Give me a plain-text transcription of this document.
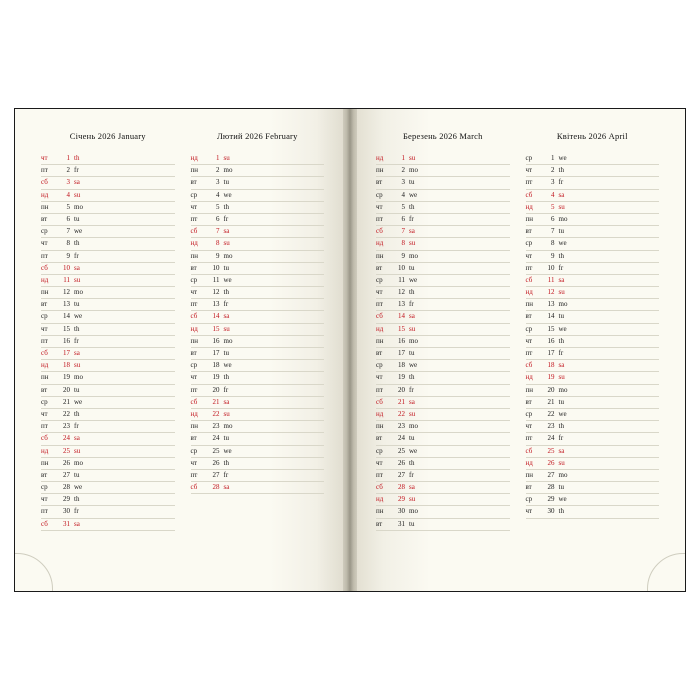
Січень 2026 January
чт	1 th
пт	2 fr
сб	3 sa
нд	4 su
пн	5 mo
вт	6 tu
ср	7 we
чт	8 th
пт	9 fr
сб	10 sa
нд	11 su
пн	12 mo
вт	13 tu
ср	14 we
чт	15 th
пт	16 fr
сб	17 sa
нд	18 su
пн	19 mo
вт	20 tu
ср	21 we
чт	22 th
пт	23 fr
сб	24 sa
нд	25 su
пн	26 mo
вт	27 tu
ср	28 we
чт	29 th
пт	30 fr
сб	31 sa
Лютий 2026 February
нд	1 su
пн	2 mo
вт	3 tu
ср	4 we
чт	5 th
пт	6 fr
сб	7 sa
нд	8 su
пн	9 mo
вт	10 tu
ср	11 we
чт	12 th
пт	13 fr
сб	14 sa
нд	15 su
пн	16 mo
вт	17 tu
ср	18 we
чт	19 th
пт	20 fr
сб	21 sa
нд	22 su
пн	23 mo
вт	24 tu
ср	25 we
чт	26 th
пт	27 fr
сб	28 sa
Березень 2026 March
нд	1 su
пн	2 mo
вт	3 tu
ср	4 we
чт	5 th
пт	6 fr
сб	7 sa
нд	8 su
пн	9 mo
вт	10 tu
ср	11 we
чт	12 th
пт	13 fr
сб	14 sa
нд	15 su
пн	16 mo
вт	17 tu
ср	18 we
чт	19 th
пт	20 fr
сб	21 sa
нд	22 su
пн	23 mo
вт	24 tu
ср	25 we
чт	26 th
пт	27 fr
сб	28 sa
нд	29 su
пн	30 mo
вт	31 tu
Квітень 2026 April
ср	1 we
чт	2 th
пт	3 fr
сб	4 sa
нд	5 su
пн	6 mo
вт	7 tu
ср	8 we
чт	9 th
пт	10 fr
сб	11 sa
нд	12 su
пн	13 mo
вт	14 tu
ср	15 we
чт	16 th
пт	17 fr
сб	18 sa
нд	19 su
пн	20 mo
вт	21 tu
ср	22 we
чт	23 th
пт	24 fr
сб	25 sa
нд	26 su
пн	27 mo
вт	28 tu
ср	29 we
чт	30 th
